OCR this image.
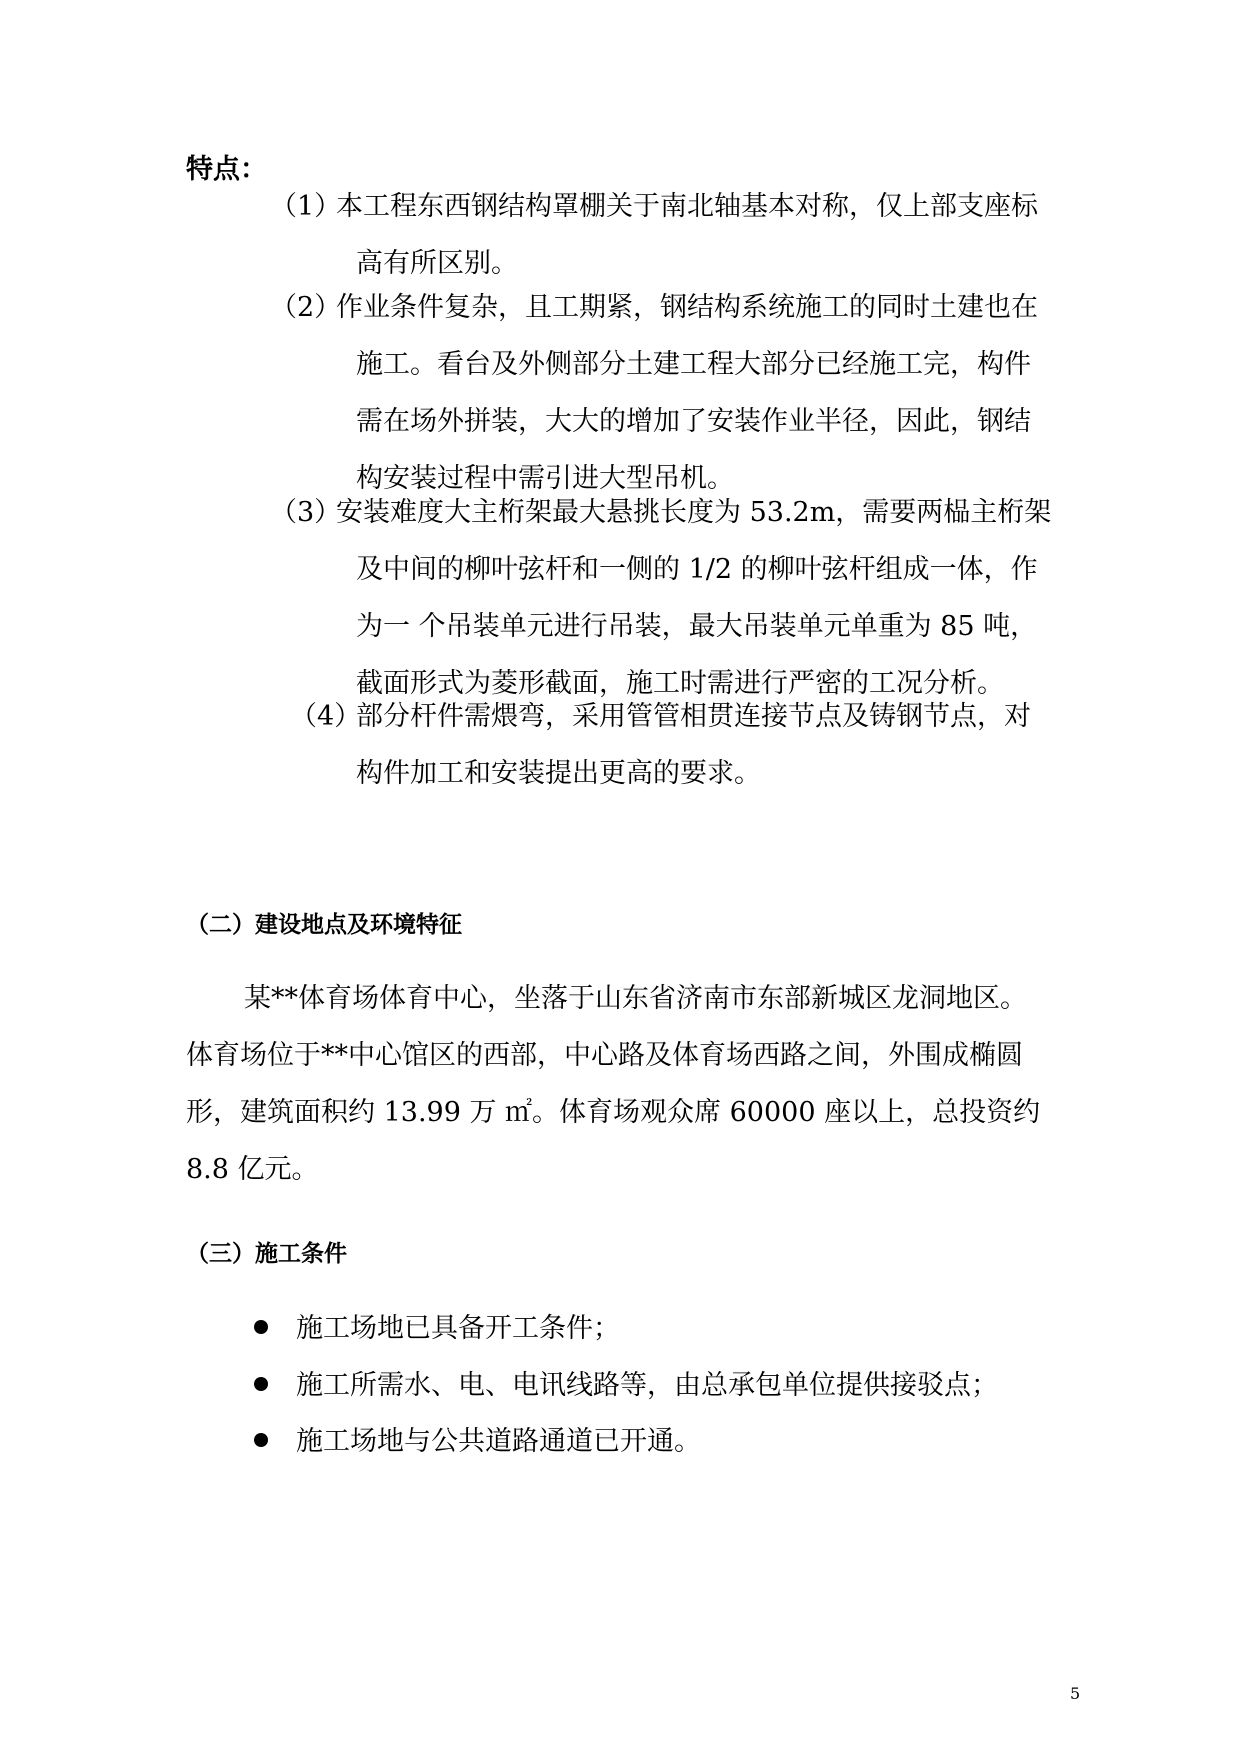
特点：
（1）本工程东西钢结构罩棚关于南北轴基本对称，仅上部支座标
高有所区别。
（2）作业条件复杂，且工期紧，钢结构系统施工的同时土建也在
施工。看台及外侧部分土建工程大部分已经施工完，构件
需在场外拼装，大大的增加了安装作业半径，因此，钢结
构安装过程中需引进大型吊机。
（3）安装难度大主桁架最大悬挑长度为 53.2m，需要两榀主桁架
及中间的柳叶弦杆和一侧的 1/2 的柳叶弦杆组成一体，作
为一 个吊装单元进行吊装，最大吊装单元单重为 85 吨，
截面形式为菱形截面，施工时需进行严密的工况分析。
（4）部分杆件需煨弯，采用管管相贯连接节点及铸钢节点，对
构件加工和安装提出更高的要求。
（二）建设地点及环境特征
某**体育场体育中心，坐落于山东省济南市东部新城区龙洞地区。
体育场位于**中心馆区的西部，中心路及体育场西路之间，外围成椭圆
形，建筑面积约 13.99 万 ㎡。体育场观众席 60000 座以上，总投资约
8.8 亿元。
（三）施工条件
施工场地已具备开工条件；
施工所需水、电、电讯线路等，由总承包单位提供接驳点；
施工场地与公共道路通道已开通。
5
